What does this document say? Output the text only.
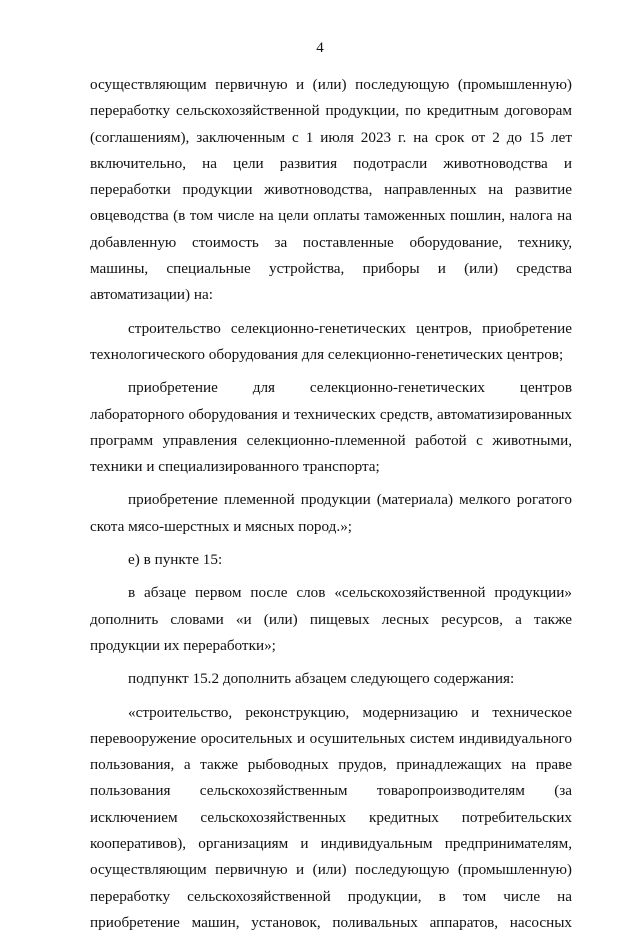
4

осуществляющим первичную и (или) последующую (промышленную) переработку сельскохозяйственной продукции, по кредитным договорам (соглашениям), заключенным с 1 июля 2023 г. на срок от 2 до 15 лет включительно, на цели развития подотрасли животноводства и переработки продукции животноводства, направленных на развитие овцеводства (в том числе на цели оплаты таможенных пошлин, налога на добавленную стоимость за поставленные оборудование, технику, машины, специальные устройства, приборы и (или) средства автоматизации) на:

строительство селекционно-генетических центров, приобретение технологического оборудования для селекционно-генетических центров;

приобретение для селекционно-генетических центров лабораторного оборудования и технических средств, автоматизированных программ управления селекционно-племенной работой с животными, техники и специализированного транспорта;

приобретение племенной продукции (материала) мелкого рогатого скота мясо-шерстных и мясных пород.»;

е) в пункте 15:

в абзаце первом после слов «сельскохозяйственной продукции» дополнить словами «и (или) пищевых лесных ресурсов, а также продукции их переработки»;

подпункт 15.2 дополнить абзацем следующего содержания:

«строительство, реконструкцию, модернизацию и техническое перевооружение оросительных и осушительных систем индивидуального пользования, а также рыбоводных прудов, принадлежащих на праве пользования сельскохозяйственным товаропроизводителям (за исключением сельскохозяйственных кредитных потребительских кооперативов), организациям и индивидуальным предпринимателям, осуществляющим первичную и (или) последующую (промышленную) переработку сельскохозяйственной продукции, в том числе на приобретение машин, установок, поливальных аппаратов, насосных
